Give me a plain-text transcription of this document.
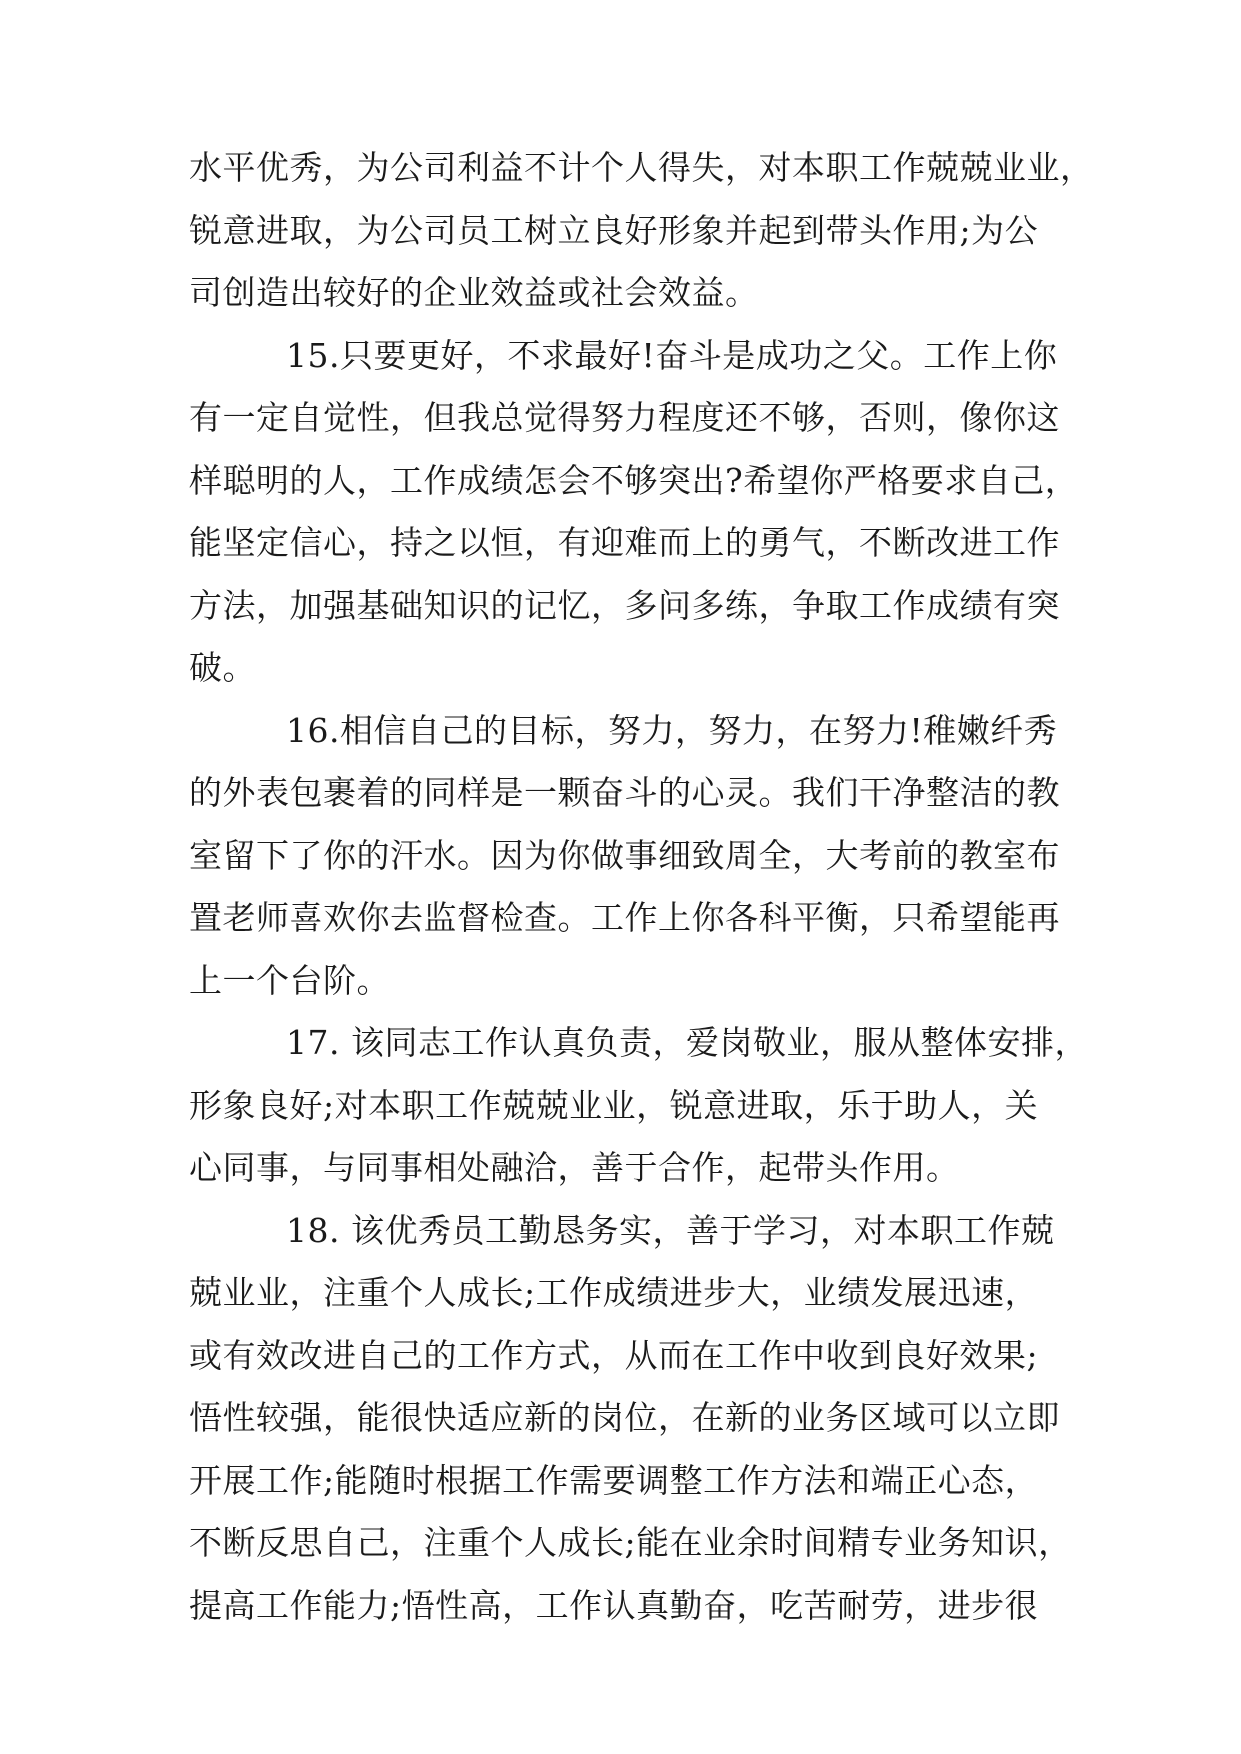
水平优秀，为公司利益不计个人得失，对本职工作兢兢业业，
锐意进取，为公司员工树立良好形象并起到带头作用;为公
司创造出较好的企业效益或社会效益。
15.只要更好，不求最好!奋斗是成功之父。工作上你
有一定自觉性，但我总觉得努力程度还不够，否则，像你这
样聪明的人，工作成绩怎会不够突出?希望你严格要求自己，
能坚定信心，持之以恒，有迎难而上的勇气，不断改进工作
方法，加强基础知识的记忆，多问多练，争取工作成绩有突
破。
16.相信自己的目标，努力，努力，在努力!稚嫩纤秀
的外表包裹着的同样是一颗奋斗的心灵。我们干净整洁的教
室留下了你的汗水。因为你做事细致周全，大考前的教室布
置老师喜欢你去监督检查。工作上你各科平衡，只希望能再
上一个台阶。
17. 该同志工作认真负责，爱岗敬业，服从整体安排，
形象良好;对本职工作兢兢业业，锐意进取，乐于助人，关
心同事，与同事相处融洽，善于合作，起带头作用。
18. 该优秀员工勤恳务实，善于学习，对本职工作兢
兢业业，注重个人成长;工作成绩进步大，业绩发展迅速，
或有效改进自己的工作方式，从而在工作中收到良好效果;
悟性较强，能很快适应新的岗位，在新的业务区域可以立即
开展工作;能随时根据工作需要调整工作方法和端正心态，
不断反思自己，注重个人成长;能在业余时间精专业务知识，
提高工作能力;悟性高，工作认真勤奋，吃苦耐劳，进步很
